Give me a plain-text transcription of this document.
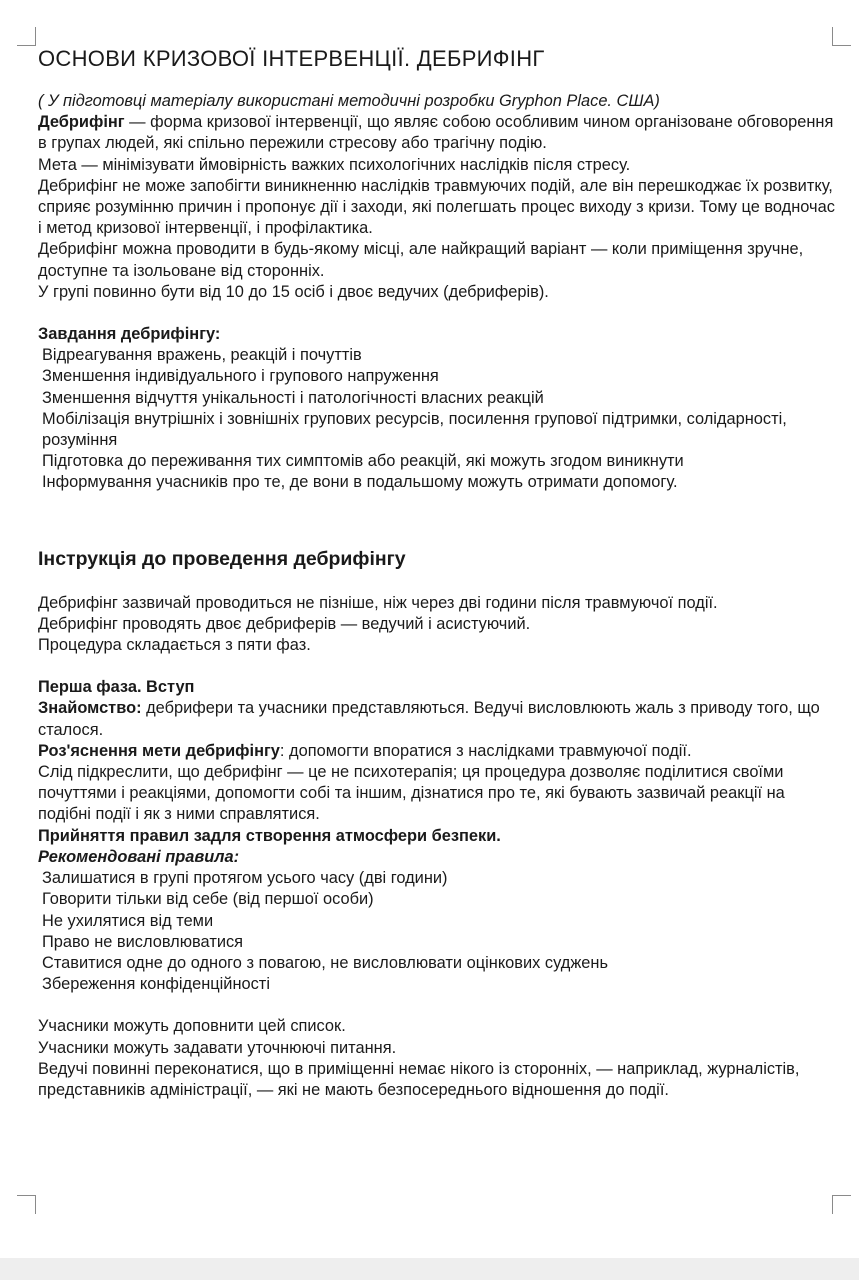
ОСНОВИ КРИЗОВОЇ ІНТЕРВЕНЦІЇ. ДЕБРИФІНГ

( У підготовці матеріалу використані методичні розробки Gryphon Place. США)

Дебрифінг — форма кризової інтервенції, що являє собою особливим чином організоване обговорення в групах людей, які спільно пережили стресову або трагічну подію.

Мета — мінімізувати ймовірність важких психологічних наслідків після стресу.

Дебрифінг не може запобігти виникненню наслідків травмуючих подій, але він перешкоджає їх розвитку, сприяє розумінню причин і пропонує дії і заходи, які полегшать процес виходу з кризи. Тому це водночас і метод кризової інтервенції, і профілактика.

Дебрифінг можна проводити в будь-якому місці, але найкращий варіант — коли приміщення зручне, доступне та ізольоване від сторонніх.

У групі повинно бути від 10 до 15 осіб і двоє ведучих (дебриферів).

Завдання дебрифінгу:

Відреагування вражень, реакцій і почуттів

Зменшення індивідуального і групового напруження

Зменшення відчуття унікальності і патологічності власних реакцій

Мобілізація внутрішніх і зовнішніх групових ресурсів, посилення групової підтримки, солідарності, розуміння

Підготовка до переживання тих симптомів або реакцій, які можуть згодом виникнути

Інформування учасників про те, де вони в подальшому можуть отримати допомогу.

Інструкція до проведення дебрифінгу

Дебрифінг зазвичай проводиться не пізніше, ніж через дві години після травмуючої події.

Дебрифінг проводять двоє дебриферів — ведучий і асистуючий.

Процедура складається з пяти фаз.

Перша фаза. Вступ

Знайомство: дебрифери та учасники представляються. Ведучі висловлюють жаль з приводу того, що сталося.

Роз'яснення мети дебрифінгу: допомогти впоратися з наслідками травмуючої події.

Слід підкреслити, що дебрифінг — це не психотерапія; ця процедура дозволяє поділитися своїми почуттями і реакціями, допомогти собі та іншим, дізнатися про те, які бувають зазвичай реакції на подібні події і як з ними справлятися.

Прийняття правил задля створення атмосфери безпеки.

Рекомендовані правила:

Залишатися в групі протягом усього часу (дві години)

Говорити тільки від себе (від першої особи)

Не ухилятися від теми

Право не висловлюватися

Ставитися одне до одного з повагою, не висловлювати оцінкових суджень

Збереження конфіденційності

Учасники можуть доповнити цей список.

Учасники можуть задавати уточнюючі питання.

Ведучі повинні переконатися, що в приміщенні немає нікого із сторонніх, — наприклад, журналістів, представників адміністрації, — які не мають безпосереднього відношення до події.
